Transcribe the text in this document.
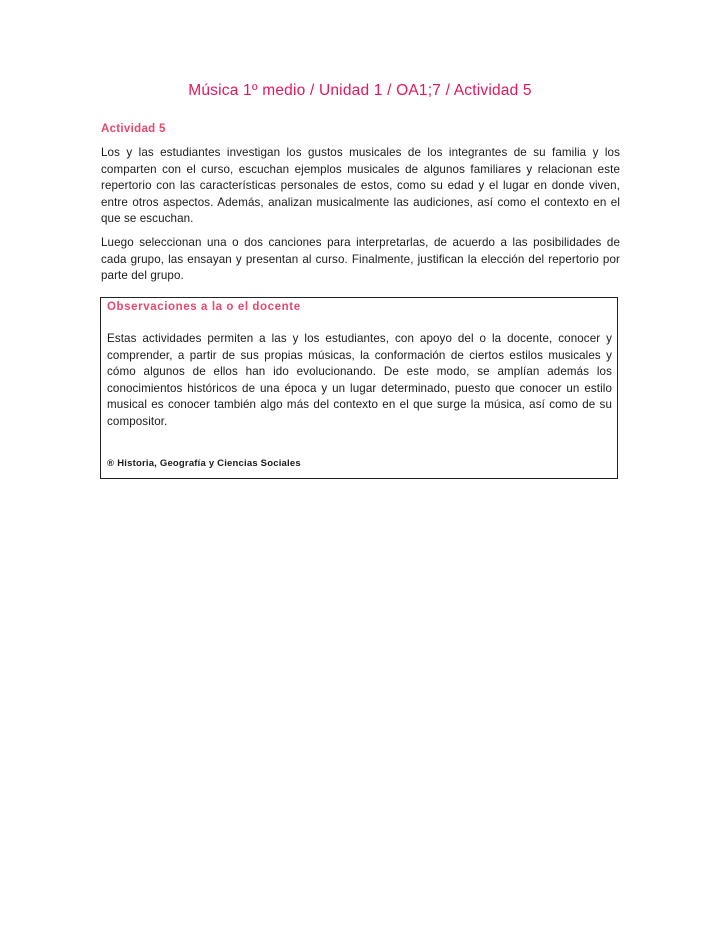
Música 1º medio / Unidad 1 / OA1;7 / Actividad 5
Actividad 5

Los y las estudiantes investigan los gustos musicales de los integrantes de su familia y los comparten con el curso, escuchan ejemplos musicales de algunos familiares y relacionan este repertorio con las características personales de estos, como su edad y el lugar en donde viven, entre otros aspectos. Además, analizan musicalmente las audiciones, así como el contexto en el que se escuchan.

Luego seleccionan una o dos canciones para interpretarlas, de acuerdo a las posibilidades de cada grupo, las ensayan y presentan al curso. Finalmente, justifican la elección del repertorio por parte del grupo.

Observaciones a la o el docente

Estas actividades permiten a las y los estudiantes, con apoyo del o la docente, conocer y comprender, a partir de sus propias músicas, la conformación de ciertos estilos musicales y cómo algunos de ellos han ido evolucionando. De este modo, se amplían además los conocimientos históricos de una época y un lugar determinado, puesto que conocer un estilo musical es conocer también algo más del contexto en el que surge la música, así como de su compositor.

® Historia, Geografía y Ciencias Sociales
